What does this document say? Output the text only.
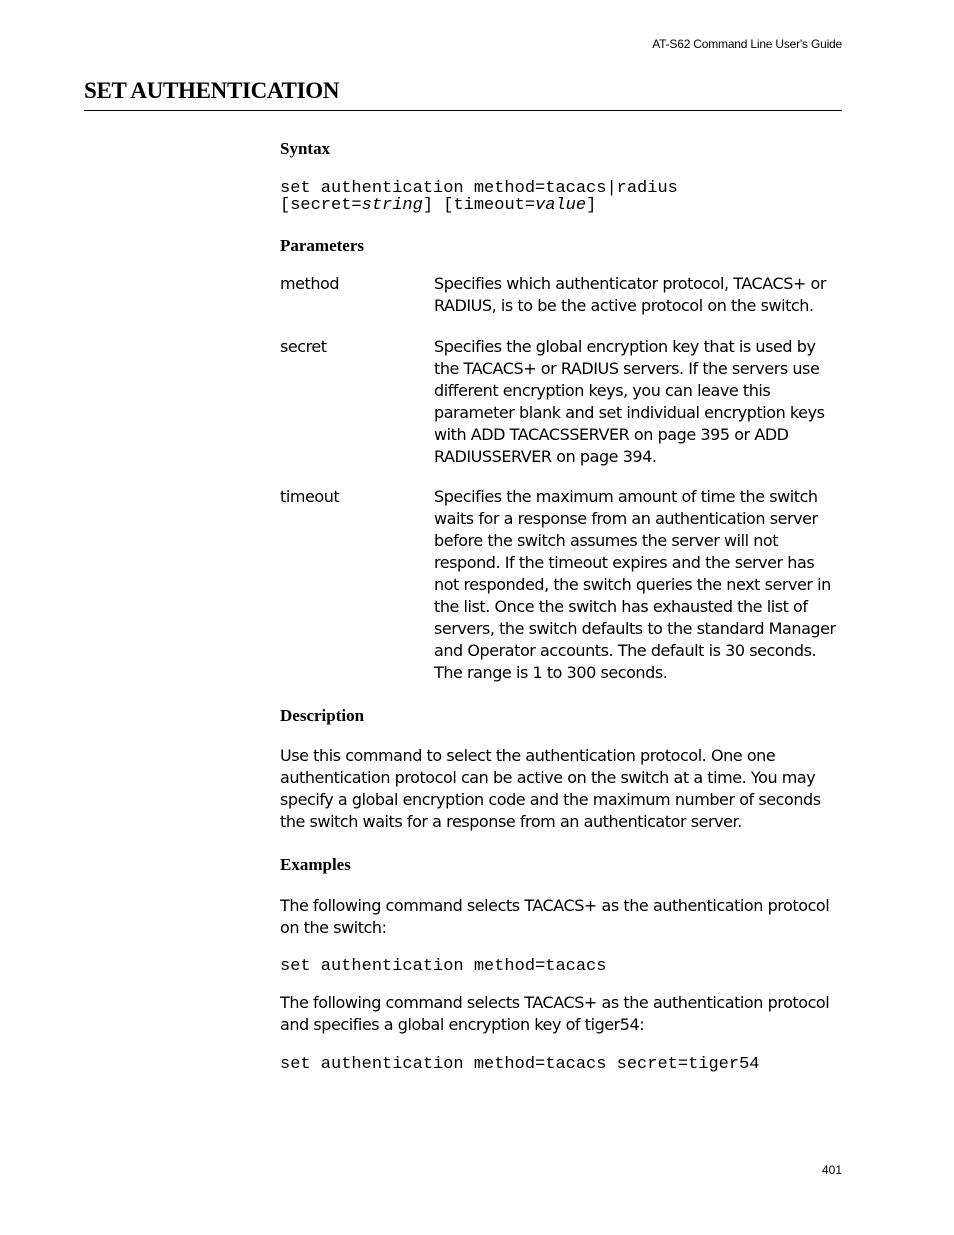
AT-S62 Command Line User's Guide
SET AUTHENTICATION
Syntax
set authentication method=tacacs|radius
[secret=string] [timeout=value]
Parameters
method	Specifies which authenticator protocol, TACACS+ or RADIUS, is to be the active protocol on the switch.
secret	Specifies the global encryption key that is used by the TACACS+ or RADIUS servers. If the servers use different encryption keys, you can leave this parameter blank and set individual encryption keys with ADD TACACSSERVER on page 395 or ADD RADIUSSERVER on page 394.
timeout	Specifies the maximum amount of time the switch waits for a response from an authentication server before the switch assumes the server will not respond. If the timeout expires and the server has not responded, the switch queries the next server in the list. Once the switch has exhausted the list of servers, the switch defaults to the standard Manager and Operator accounts. The default is 30 seconds. The range is 1 to 300 seconds.
Description
Use this command to select the authentication protocol. One one authentication protocol can be active on the switch at a time. You may specify a global encryption code and the maximum number of seconds the switch waits for a response from an authenticator server.
Examples
The following command selects TACACS+ as the authentication protocol on the switch:
set authentication method=tacacs
The following command selects TACACS+ as the authentication protocol and specifies a global encryption key of tiger54:
set authentication method=tacacs secret=tiger54
401
